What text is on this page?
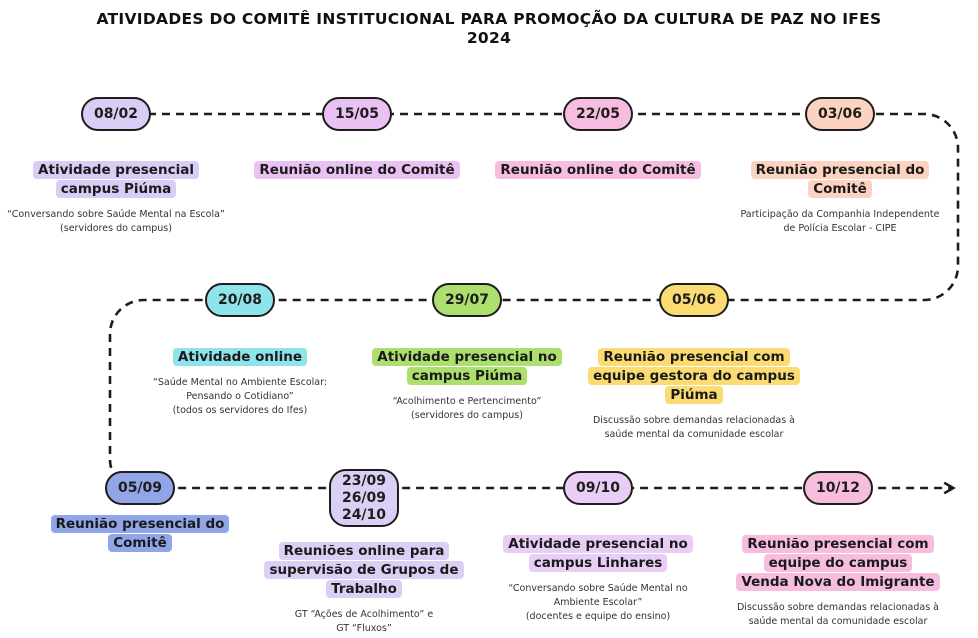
ATIVIDADES DO COMITÊ INSTITUCIONAL PARA PROMOÇÃO DA CULTURA DE PAZ NO IFES
2024
08/02
Atividade presencial
campus Piúma
“Conversando sobre Saúde Mental na Escola”
(servidores do campus)
15/05
Reunião online do Comitê
22/05
Reunião online do Comitê
03/06
Reunião presencial do
Comitê
Participação da Companhia Independente
de Polícia Escolar - CIPE
05/06
Reunião presencial com
equipe gestora do campus
Piúma
Discussão sobre demandas relacionadas à
saúde mental da comunidade escolar
29/07
Atividade presencial no
campus Piúma
“Acolhimento e Pertencimento”
(servidores do campus)
20/08
Atividade online
“Saúde Mental no Ambiente Escolar:
Pensando o Cotidiano”
(todos os servidores do Ifes)
05/09
Reunião presencial do
Comitê
23/09
26/09
24/10
Reuniões online para
supervisão de Grupos de
Trabalho
GT “Ações de Acolhimento” e
GT “Fluxos”
09/10
Atividade presencial no
campus Linhares
“Conversando sobre Saúde Mental no
Ambiente Escolar”
(docentes e equipe do ensino)
10/12
Reunião presencial com
equipe do campus
Venda Nova do Imigrante
Discussão sobre demandas relacionadas à
saúde mental da comunidade escolar
